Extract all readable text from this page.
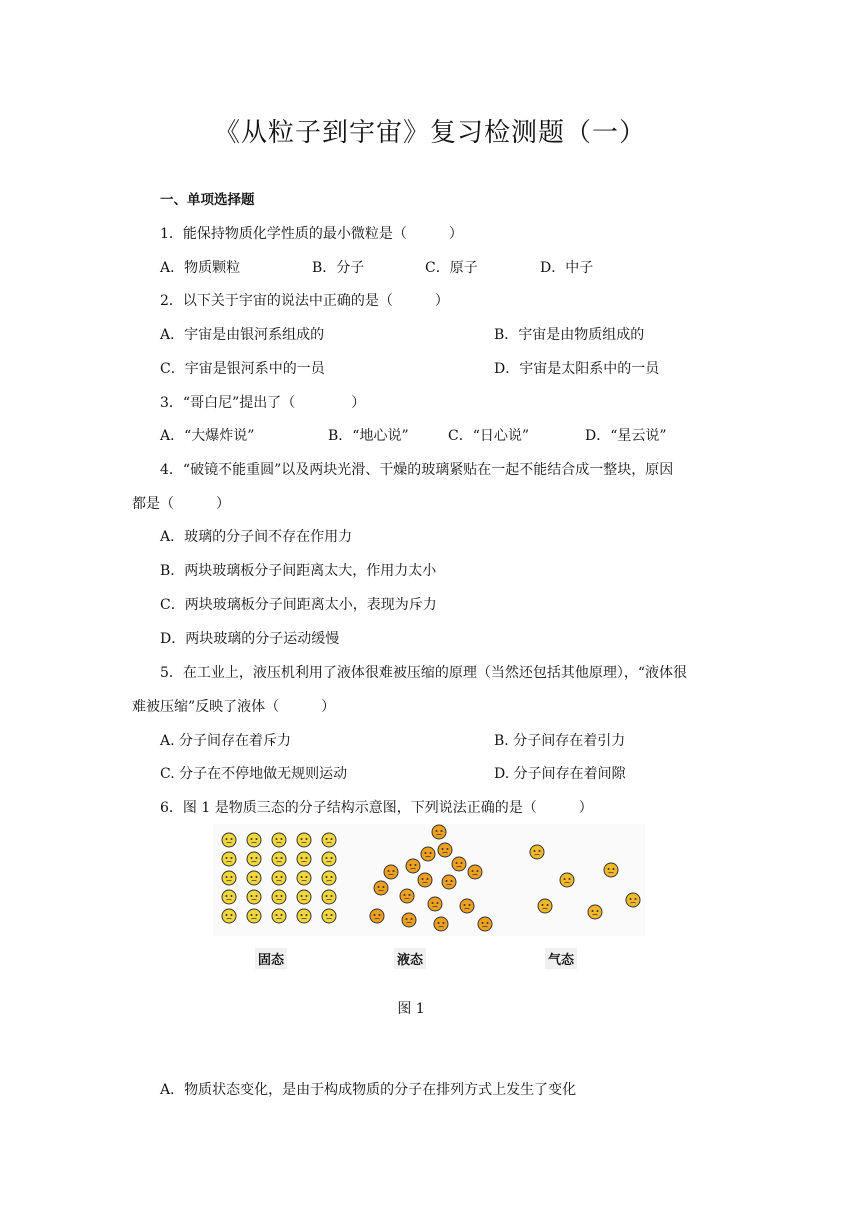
《从粒子到宇宙》复习检测题（一）
一、单项选择题
1．能保持物质化学性质的最小微粒是（　　　）
A．物质颗粒	B．分子	C．原子	D．中子
2．以下关于宇宙的说法中正确的是（　　　）
A．宇宙是由银河系组成的	B．宇宙是由物质组成的
C．宇宙是银河系中的一员	D．宇宙是太阳系中的一员
3．“哥白尼”提出了（　　　　）
A．“大爆炸说”	B．“地心说”	C．“日心说”	D．“星云说”
4．“破镜不能重圆”以及两块光滑、干燥的玻璃紧贴在一起不能结合成一整块，原因
都是（　　　）
A．玻璃的分子间不存在作用力
B．两块玻璃板分子间距离太大，作用力太小
C．两块玻璃板分子间距离太小，表现为斥力
D．两块玻璃的分子运动缓慢
5．在工业上，液压机利用了液体很难被压缩的原理（当然还包括其他原理），“液体很
难被压缩”反映了液体（　　　）
A. 分子间存在着斥力	B. 分子间存在着引力
C. 分子在不停地做无规则运动	D. 分子间存在着间隙
6．图 1 是物质三态的分子结构示意图，下列说法正确的是（　　　）
固态	液态	气态
图 1
A．物质状态变化，是由于构成物质的分子在排列方式上发生了变化
